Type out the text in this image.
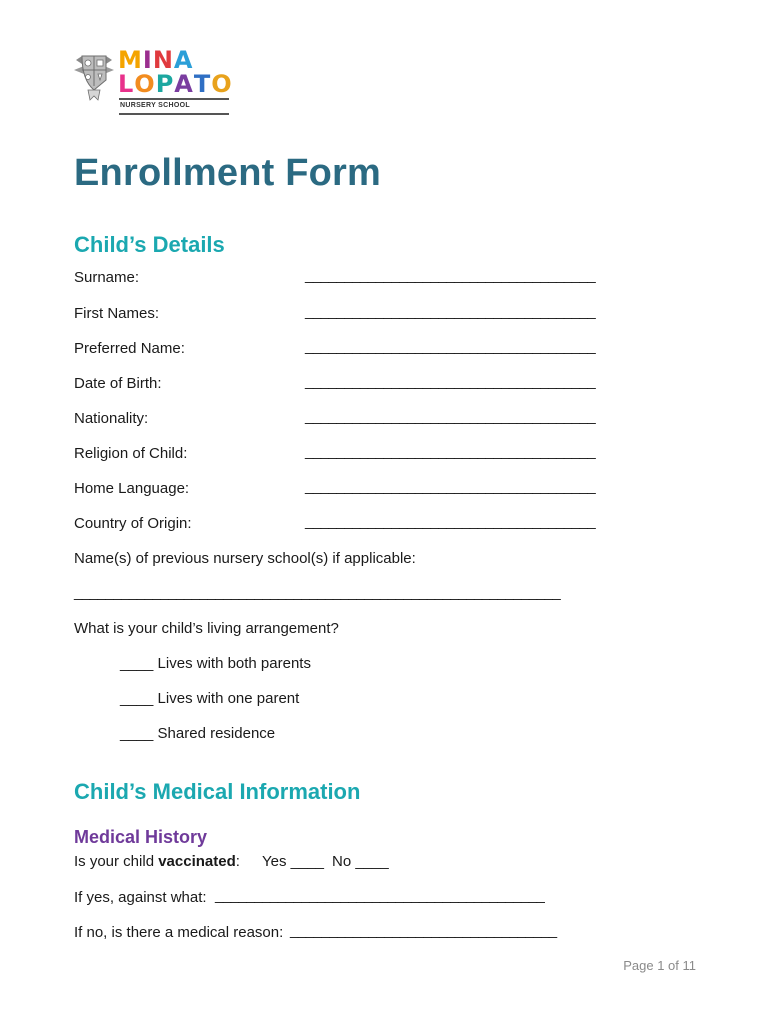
MINA
LOPATO
NURSERY SCHOOL
Enrollment Form
Child’s Details
Surname:	_____________________________________
First Names:	_____________________________________
Preferred Name:	_____________________________________
Date of Birth:	_____________________________________
Nationality:	_____________________________________
Religion of Child:	_____________________________________
Home Language:	_____________________________________
Country of Origin:	_____________________________________
Name(s) of previous nursery school(s) if applicable:
______________________________________________________________
What is your child’s living arrangement?
____ Lives with both parents
____ Lives with one parent
____ Shared residence
Child’s Medical Information
Medical History
Is your child vaccinated: Yes ____ No ____
If yes, against what: __________________________________________
If no, is there a medical reason: __________________________________
Page 1 of 11
